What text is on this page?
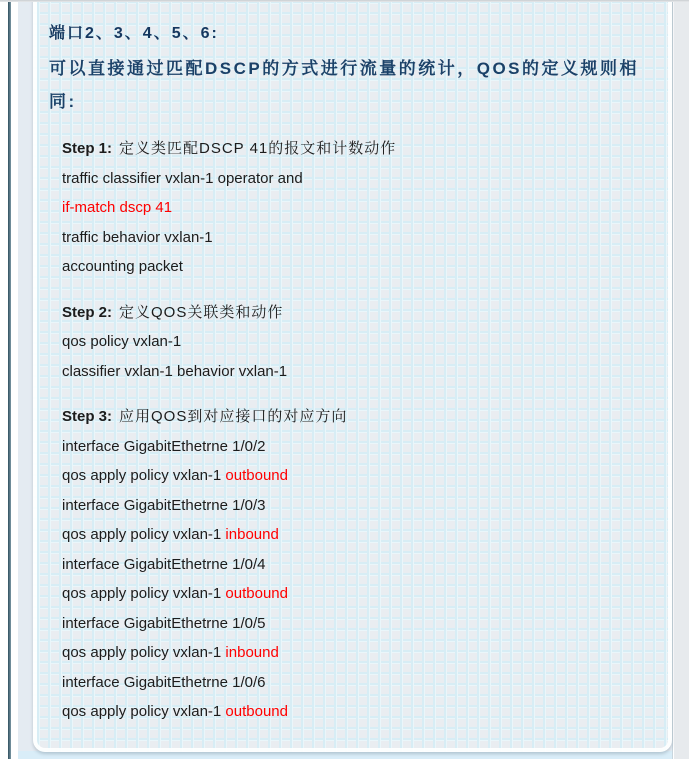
端口2、3、4、5、6:
可以直接通过匹配DSCP的方式进行流量的统计，QOS的定义规则相
同:
Step 1: 定义类匹配DSCP 41的报文和计数动作
traffic classifier vxlan-1 operator and
if-match dscp 41
traffic behavior vxlan-1
accounting packet
Step 2: 定义QOS关联类和动作
qos policy vxlan-1
classifier vxlan-1 behavior vxlan-1
Step 3: 应用QOS到对应接口的对应方向
interface GigabitEthetrne 1/0/2
qos apply policy vxlan-1 outbound
interface GigabitEthetrne 1/0/3
qos apply policy vxlan-1 inbound
interface GigabitEthetrne 1/0/4
qos apply policy vxlan-1 outbound
interface GigabitEthetrne 1/0/5
qos apply policy vxlan-1 inbound
interface GigabitEthetrne 1/0/6
qos apply policy vxlan-1 outbound
